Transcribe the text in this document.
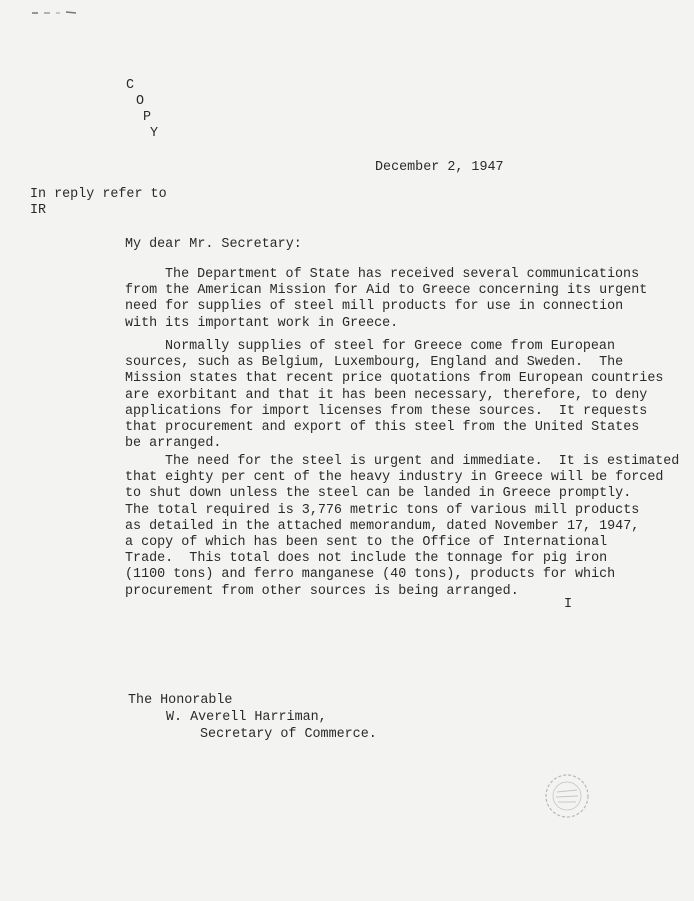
C
O
P
Y
December 2, 1947
In reply refer to
IR
My dear Mr. Secretary:
The Department of State has received several communications
from the American Mission for Aid to Greece concerning its urgent
need for supplies of steel mill products for use in connection
with its important work in Greece.
Normally supplies of steel for Greece come from European
sources, such as Belgium, Luxembourg, England and Sweden.  The
Mission states that recent price quotations from European countries
are exorbitant and that it has been necessary, therefore, to deny
applications for import licenses from these sources.  It requests
that procurement and export of this steel from the United States
be arranged.
The need for the steel is urgent and immediate.  It is estimated
that eighty per cent of the heavy industry in Greece will be forced
to shut down unless the steel can be landed in Greece promptly.
The total required is 3,776 metric tons of various mill products
as detailed in the attached memorandum, dated November 17, 1947,
a copy of which has been sent to the Office of International
Trade.  This total does not include the tonnage for pig iron
(1100 tons) and ferro manganese (40 tons), products for which
procurement from other sources is being arranged.
I
The Honorable
W. Averell Harriman,
Secretary of Commerce.
